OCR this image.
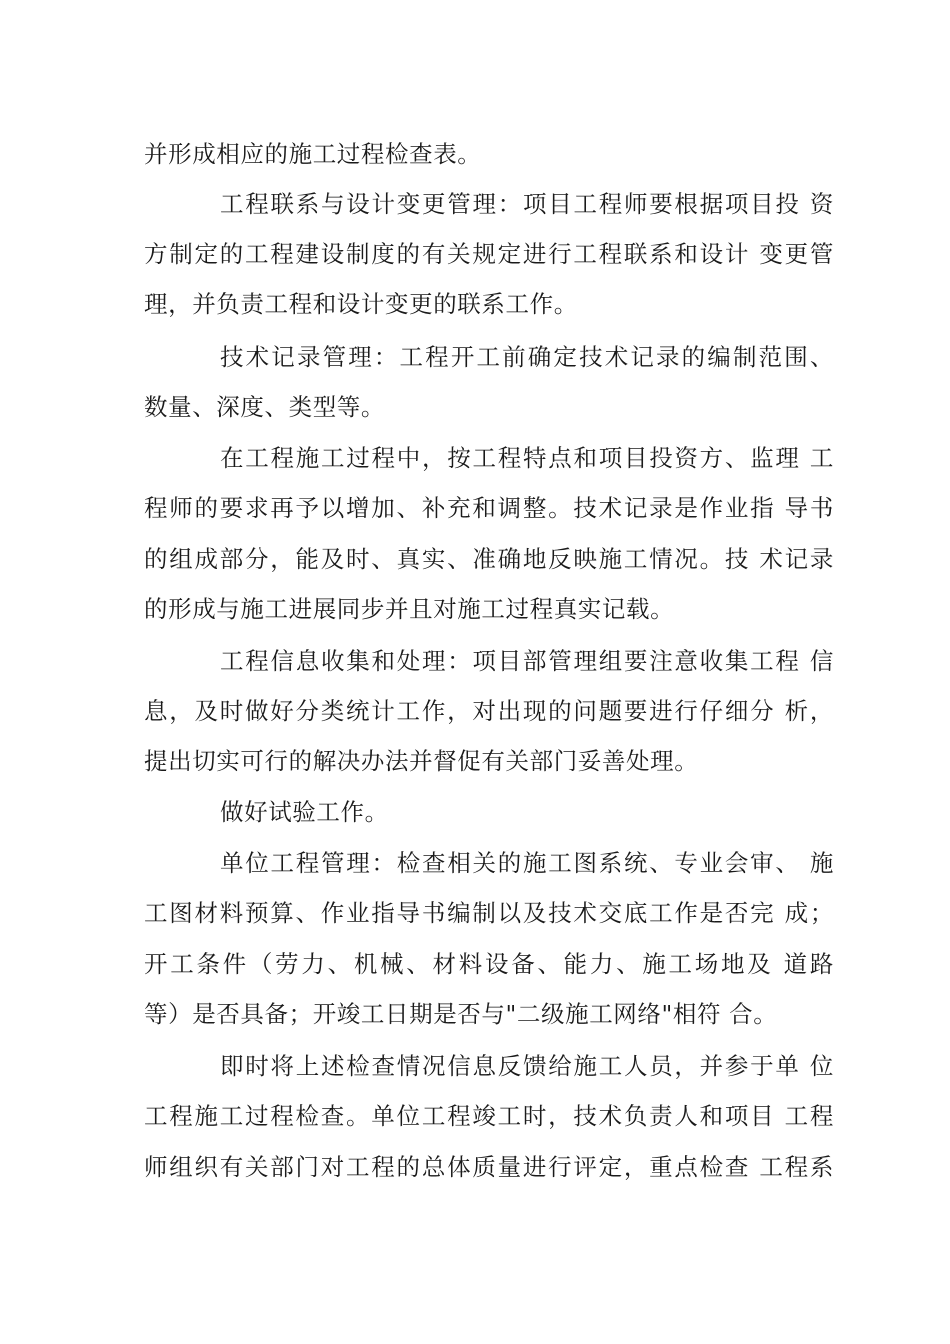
并形成相应的施工过程检查表。
工程联系与设计变更管理：项目工程师要根据项目投 资
方制定的工程建设制度的有关规定进行工程联系和设计 变更管
理，并负责工程和设计变更的联系工作。
技术记录管理：工程开工前确定技术记录的编制范围、
数量、深度、类型等。
在工程施工过程中，按工程特点和项目投资方、监理 工
程师的要求再予以增加、补充和调整。技术记录是作业指 导书
的组成部分，能及时、真实、准确地反映施工情况。技 术记录
的形成与施工进展同步并且对施工过程真实记载。
工程信息收集和处理：项目部管理组要注意收集工程 信
息，及时做好分类统计工作，对出现的问题要进行仔细分 析，
提出切实可行的解决办法并督促有关部门妥善处理。
做好试验工作。
单位工程管理：检查相关的施工图系统、专业会审、 施
工图材料预算、作业指导书编制以及技术交底工作是否完 成；
开工条件（劳力、机械、材料设备、能力、施工场地及 道路
等）是否具备；开竣工日期是否与"二级施工网络"相符 合。
即时将上述检查情况信息反馈给施工人员，并参于单 位
工程施工过程检查。单位工程竣工时，技术负责人和项目 工程
师组织有关部门对工程的总体质量进行评定，重点检查 工程系
